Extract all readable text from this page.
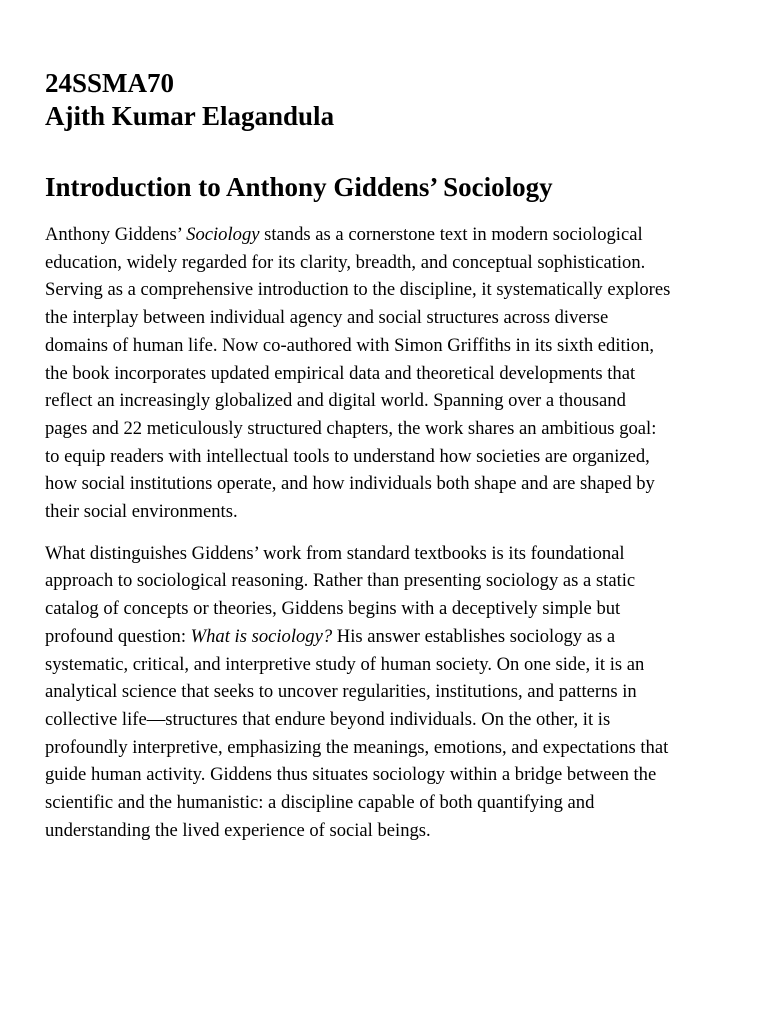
24SSMA70
Ajith Kumar Elagandula
Introduction to Anthony Giddens’ Sociology

Anthony Giddens’ Sociology stands as a cornerstone text in modern sociological
education, widely regarded for its clarity, breadth, and conceptual sophistication.
Serving as a comprehensive introduction to the discipline, it systematically explores
the interplay between individual agency and social structures across diverse
domains of human life. Now co-authored with Simon Griffiths in its sixth edition,
the book incorporates updated empirical data and theoretical developments that
reflect an increasingly globalized and digital world. Spanning over a thousand
pages and 22 meticulously structured chapters, the work shares an ambitious goal:
to equip readers with intellectual tools to understand how societies are organized,
how social institutions operate, and how individuals both shape and are shaped by
their social environments.

What distinguishes Giddens’ work from standard textbooks is its foundational
approach to sociological reasoning. Rather than presenting sociology as a static
catalog of concepts or theories, Giddens begins with a deceptively simple but
profound question: What is sociology? His answer establishes sociology as a
systematic, critical, and interpretive study of human society. On one side, it is an
analytical science that seeks to uncover regularities, institutions, and patterns in
collective life—structures that endure beyond individuals. On the other, it is
profoundly interpretive, emphasizing the meanings, emotions, and expectations that
guide human activity. Giddens thus situates sociology within a bridge between the
scientific and the humanistic: a discipline capable of both quantifying and
understanding the lived experience of social beings.
